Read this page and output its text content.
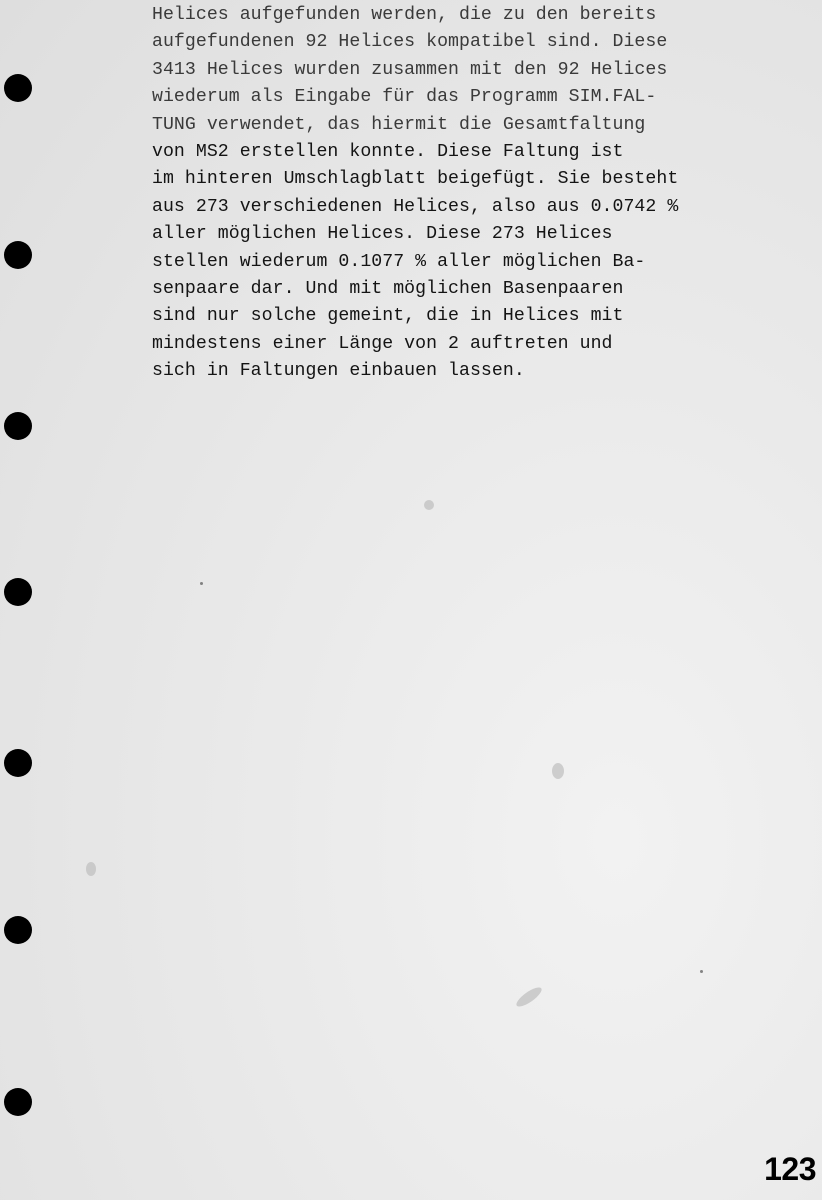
Helices aufgefunden werden, die zu den bereits
aufgefundenen 92 Helices kompatibel sind. Diese
3413 Helices wurden zusammen mit den 92 Helices
wiederum als Eingabe für das Programm SIM.FAL-
TUNG verwendet, das hiermit die Gesamtfaltung
von MS2 erstellen konnte. Diese Faltung ist
im hinteren Umschlagblatt beigefügt. Sie besteht
aus 273 verschiedenen Helices, also aus 0.0742 %
aller möglichen Helices. Diese 273 Helices
stellen wiederum 0.1077 % aller möglichen Ba-
senpaare dar. Und mit möglichen Basenpaaren
sind nur solche gemeint, die in Helices mit
mindestens einer Länge von 2 auftreten und
sich in Faltungen einbauen lassen.
123
